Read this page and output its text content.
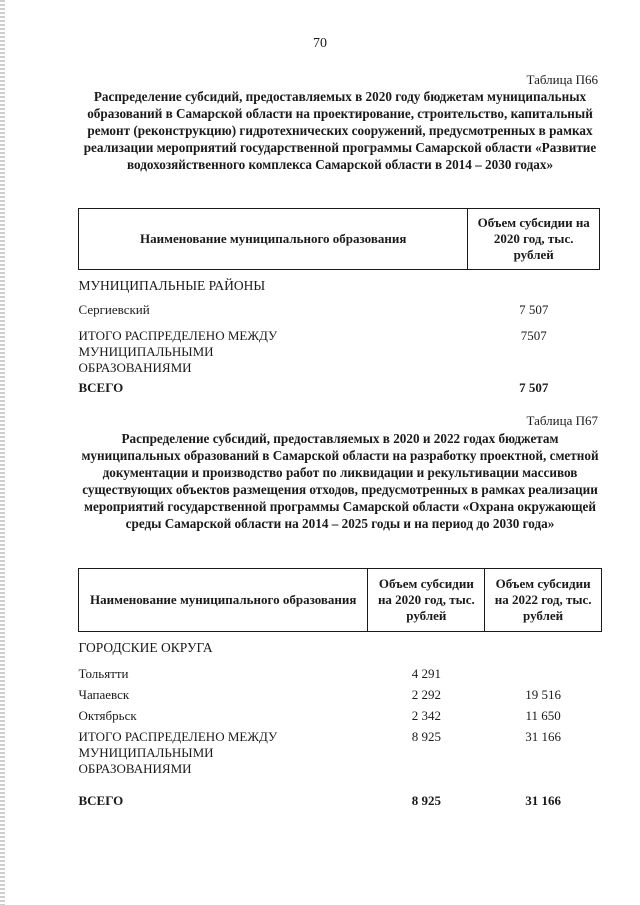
70
Таблица П66
Распределение субсидий, предоставляемых в 2020 году бюджетам муниципальных образований в Самарской области на проектирование, строительство, капитальный ремонт (реконструкцию) гидротехнических сооружений, предусмотренных в рамках реализации мероприятий государственной программы Самарской области «Развитие водохозяйственного комплекса Самарской области в 2014 – 2030 годах»
Наименование муниципального образования	Объем субсидии на 2020 год, тыс. рублей
МУНИЦИПАЛЬНЫЕ РАЙОНЫ	
Сергиевский	7 507
ИТОГО РАСПРЕДЕЛЕНО МЕЖДУ МУНИЦИПАЛЬНЫМИ ОБРАЗОВАНИЯМИ	7507
ВСЕГО	7 507
Таблица П67
Распределение субсидий, предоставляемых в 2020 и 2022 годах бюджетам муниципальных образований в Самарской области на разработку проектной, сметной документации и производство работ по ликвидации и рекультивации массивов существующих объектов размещения отходов, предусмотренных в рамках реализации мероприятий государственной программы Самарской области «Охрана окружающей среды Самарской области на 2014 – 2025 годы и на период до 2030 года»
Наименование муниципального образования	Объем субсидии на 2020 год, тыс. рублей	Объем субсидии на 2022 год, тыс. рублей
ГОРОДСКИЕ ОКРУГА		
Тольятти	4 291	
Чапаевск	2 292	19 516
Октябрьск	2 342	11 650
ИТОГО РАСПРЕДЕЛЕНО МЕЖДУ МУНИЦИПАЛЬНЫМИ ОБРАЗОВАНИЯМИ	8 925	31 166
ВСЕГО	8 925	31 166
